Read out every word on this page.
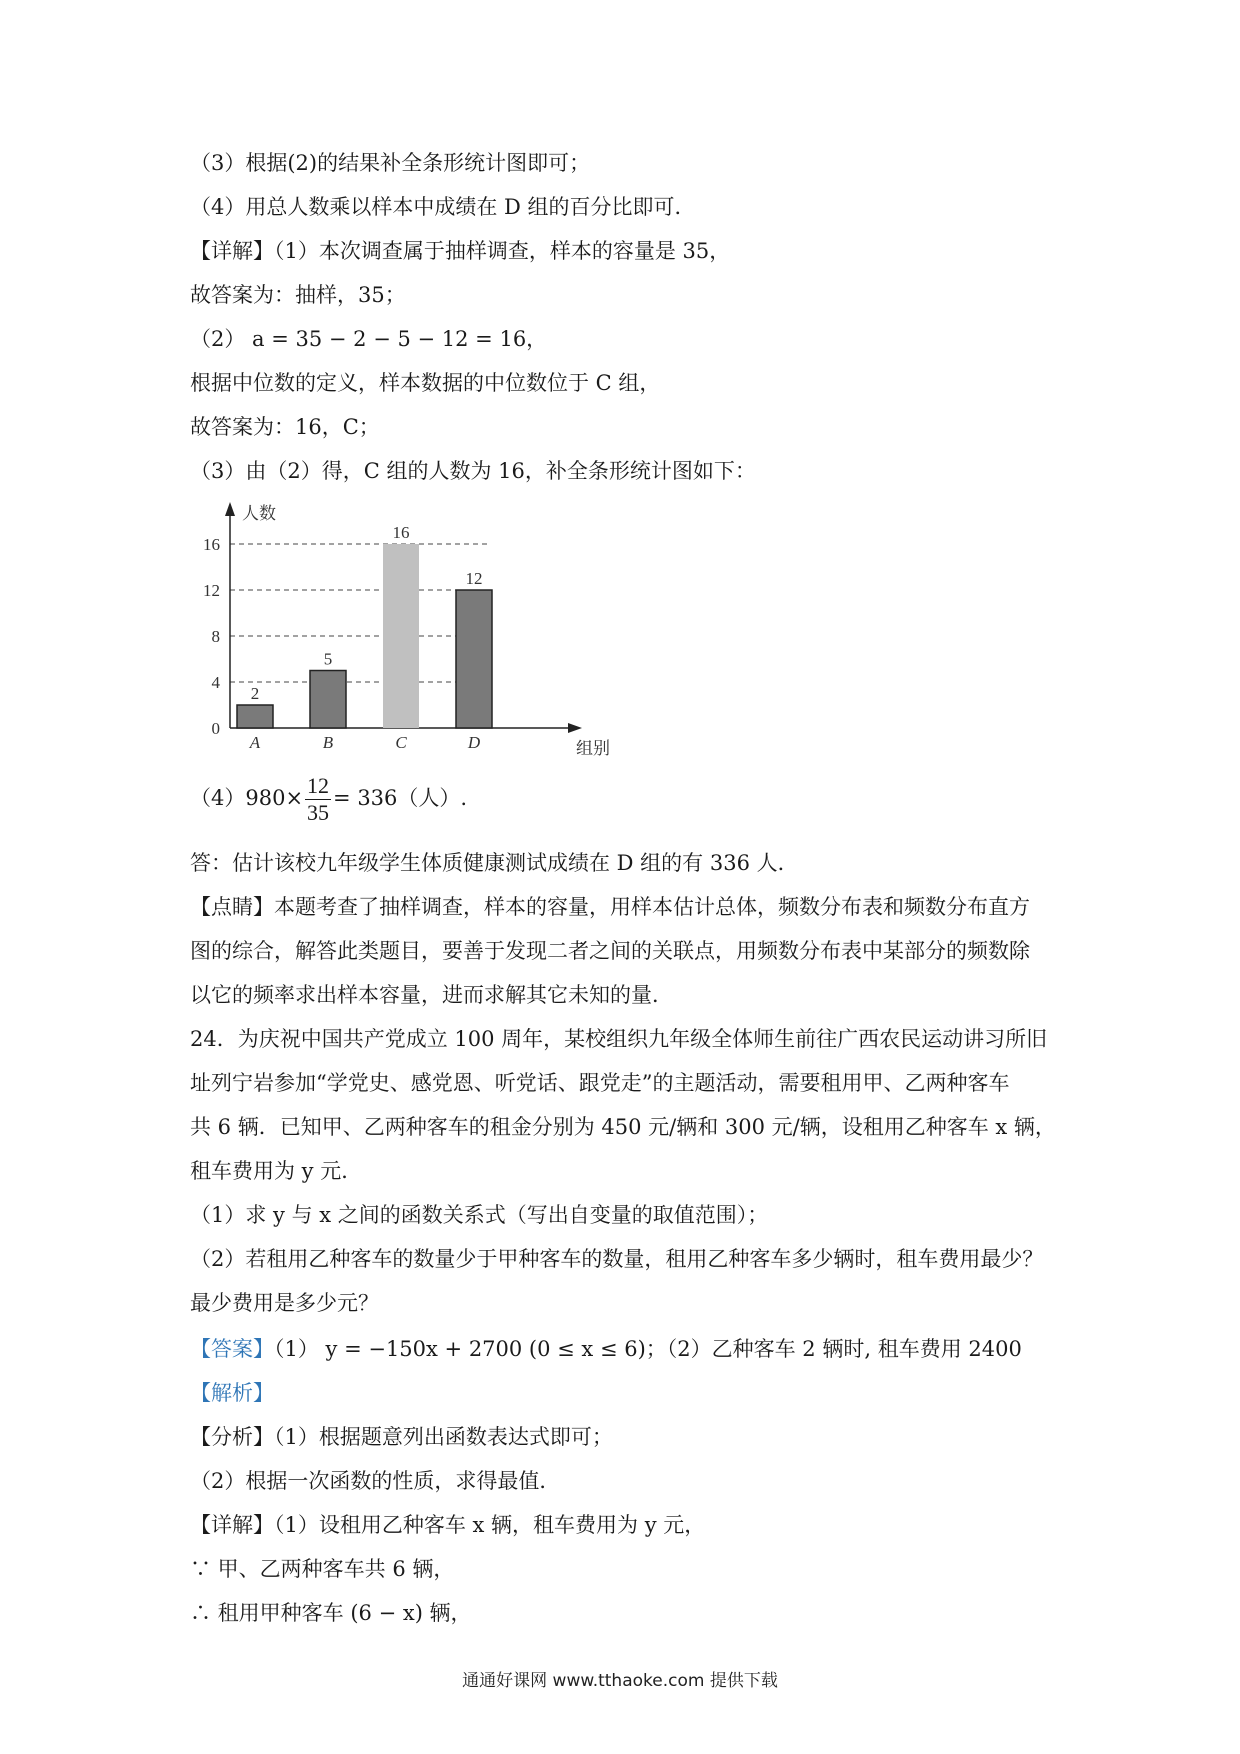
（3）根据(2)的结果补全条形统计图即可；
（4）用总人数乘以样本中成绩在 D 组的百分比即可．
【详解】（1）本次调查属于抽样调查，样本的容量是 35，
故答案为：抽样，35；
（2） a = 35 − 2 − 5 − 12 = 16，
根据中位数的定义，样本数据的中位数位于 C 组，
故答案为：16，C；
（3）由（2）得，C 组的人数为 16，补全条形统计图如下：
0
4
8
12
16
人数
组别
2
A
5
B
16
C
12
D
$(4)980\times \frac{12}{35} = 336$（人）.
答：估计该校九年级学生体质健康测试成绩在 D 组的有 336 人．
【点睛】本题考查了抽样调查，样本的容量，用样本估计总体，频数分布表和频数分布直方
图的综合，解答此类题目，要善于发现二者之间的关联点，用频数分布表中某部分的频数除
以它的频率求出样本容量，进而求解其它未知的量．
24．为庆祝中国共产党成立 100 周年，某校组织九年级全体师生前往广西农民运动讲习所旧
址列宁岩参加“学党史、感党恩、听党话、跟党走”的主题活动，需要租用甲、乙两种客车
共 6 辆．已知甲、乙两种客车的租金分别为 450 元/辆和 300 元/辆，设租用乙种客车 x 辆，
租车费用为 y 元．
（1）求 y 与 x 之间的函数关系式（写出自变量的取值范围）；
（2）若租用乙种客车的数量少于甲种客车的数量，租用乙种客车多少辆时，租车费用最少？
最少费用是多少元？
【答案】（1） y = −150x + 2700 (0 ≤ x ≤ 6)；（2）乙种客车 2 辆时, 租车费用 2400
【解析】
【分析】（1）根据题意列出函数表达式即可；
（2）根据一次函数的性质，求得最值．
【详解】（1）设租用乙种客车 x 辆，租车费用为 y 元，
∵ 甲、乙两种客车共 6 辆，
∴ 租用甲种客车 (6 − x) 辆，
通通好课网 www.tthaoke.com 提供下载
